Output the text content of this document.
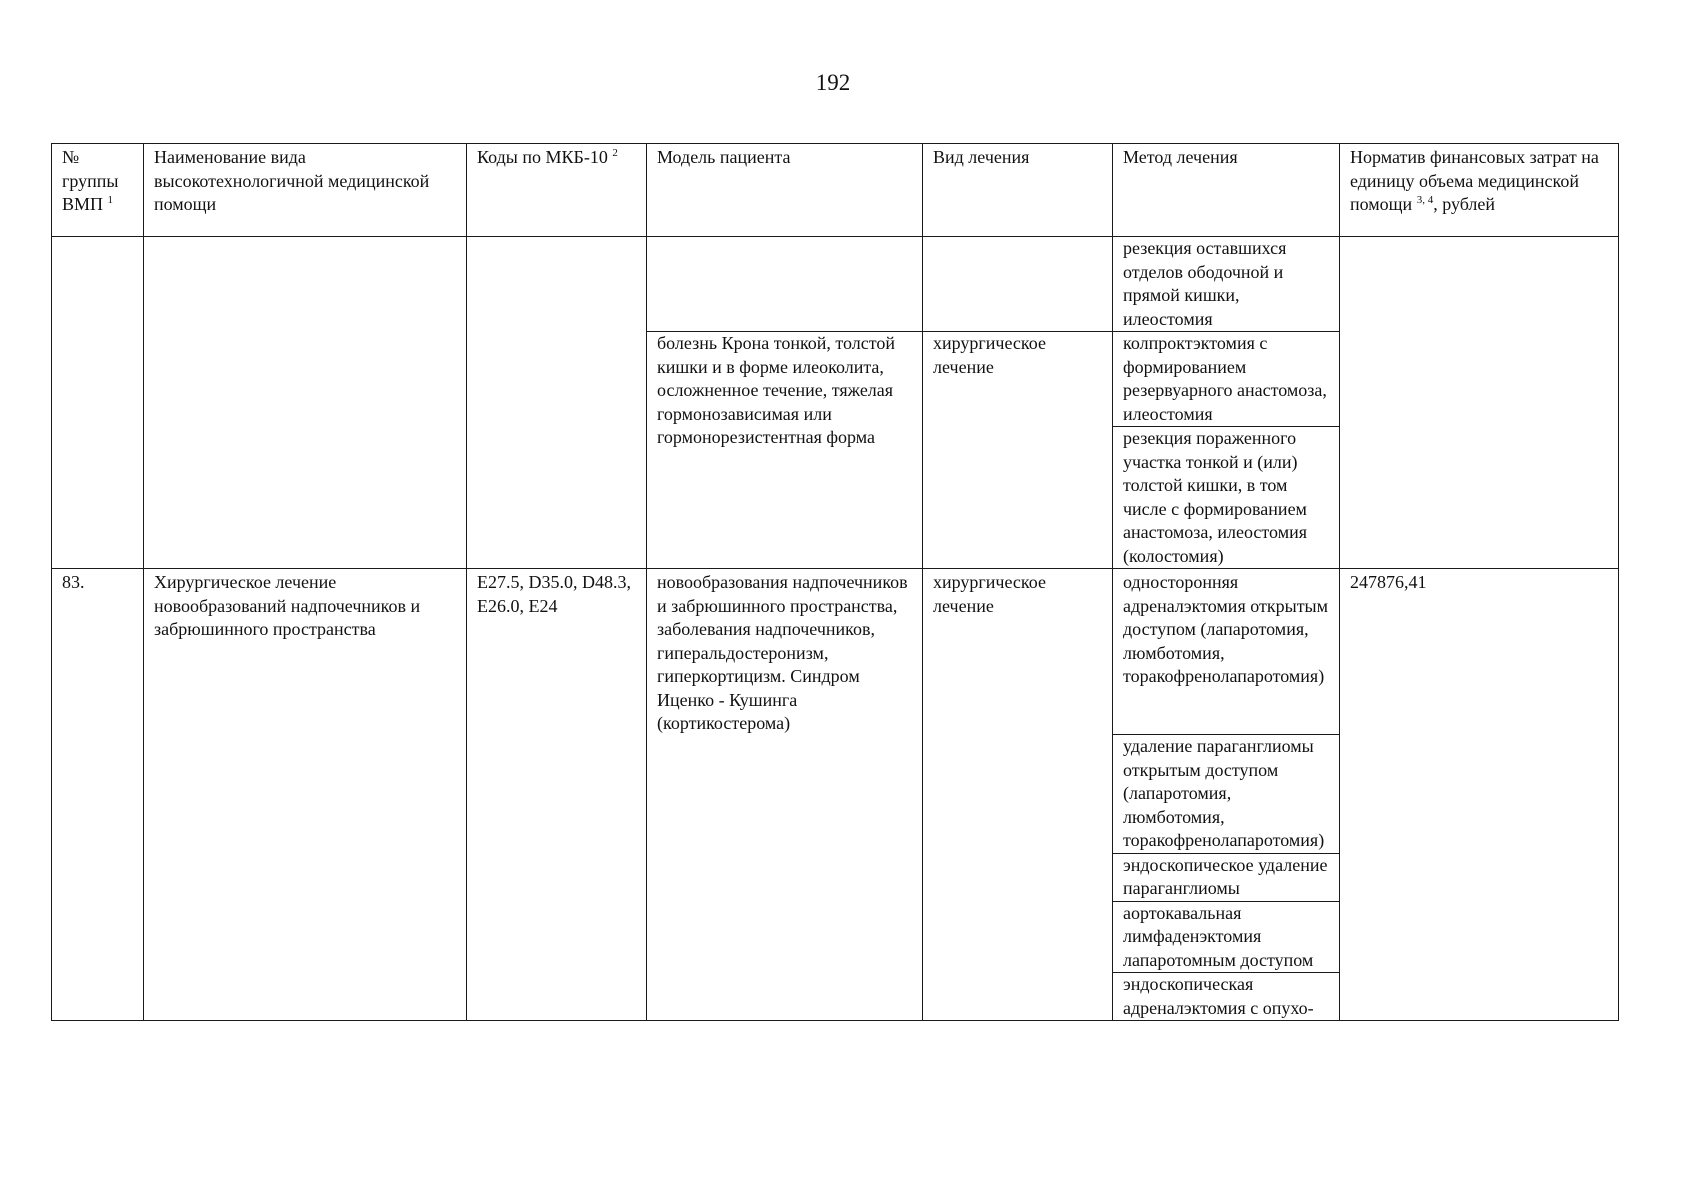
192
№ группы ВМП $^1$	Наименование вида высокотехнологичной медицинской помощи	Коды по МКБ-10 $^2$	Модель пациента	Вид лечения	Метод лечения	Норматив финансовых затрат на единицу объема медицинской помощи $^{3, 4}$, рублей
					резекция оставшихся отделов ободочной и прямой кишки, илеостомия	
			болезнь Крона тонкой, толстой кишки и в форме илеоколита, осложненное течение, тяжелая гормонозависимая или гормонорезистентная форма	хирургическое лечение	колпроктэктомия с формированием резервуарного анастомоза, илеостомия	
					резекция пораженного участка тонкой и (или) толстой кишки, в том числе с формированием анастомоза, илеостомия (колостомия)	
83.	Хирургическое лечение новообразований надпочечников и забрюшинного пространства	E27.5, D35.0, D48.3, E26.0, E24	новообразования надпочечников и забрюшинного пространства, заболевания надпочечников, гиперальдостеронизм, гиперкортицизм. Синдром Иценко - Кушинга (кортикостерома)	хирургическое лечение	односторонняя адреналэктомия открытым доступом (лапаротомия, люмботомия, торакофренолапаротомия)	247876,41
					удаление параганглиомы открытым доступом (лапаротомия, люмботомия, торакофренолапаротомия)	
					эндоскопическое удаление параганглиомы	
					аортокавальная лимфаденэктомия лапаротомным доступом	
					эндоскопическая адреналэктомия с опухо-	
